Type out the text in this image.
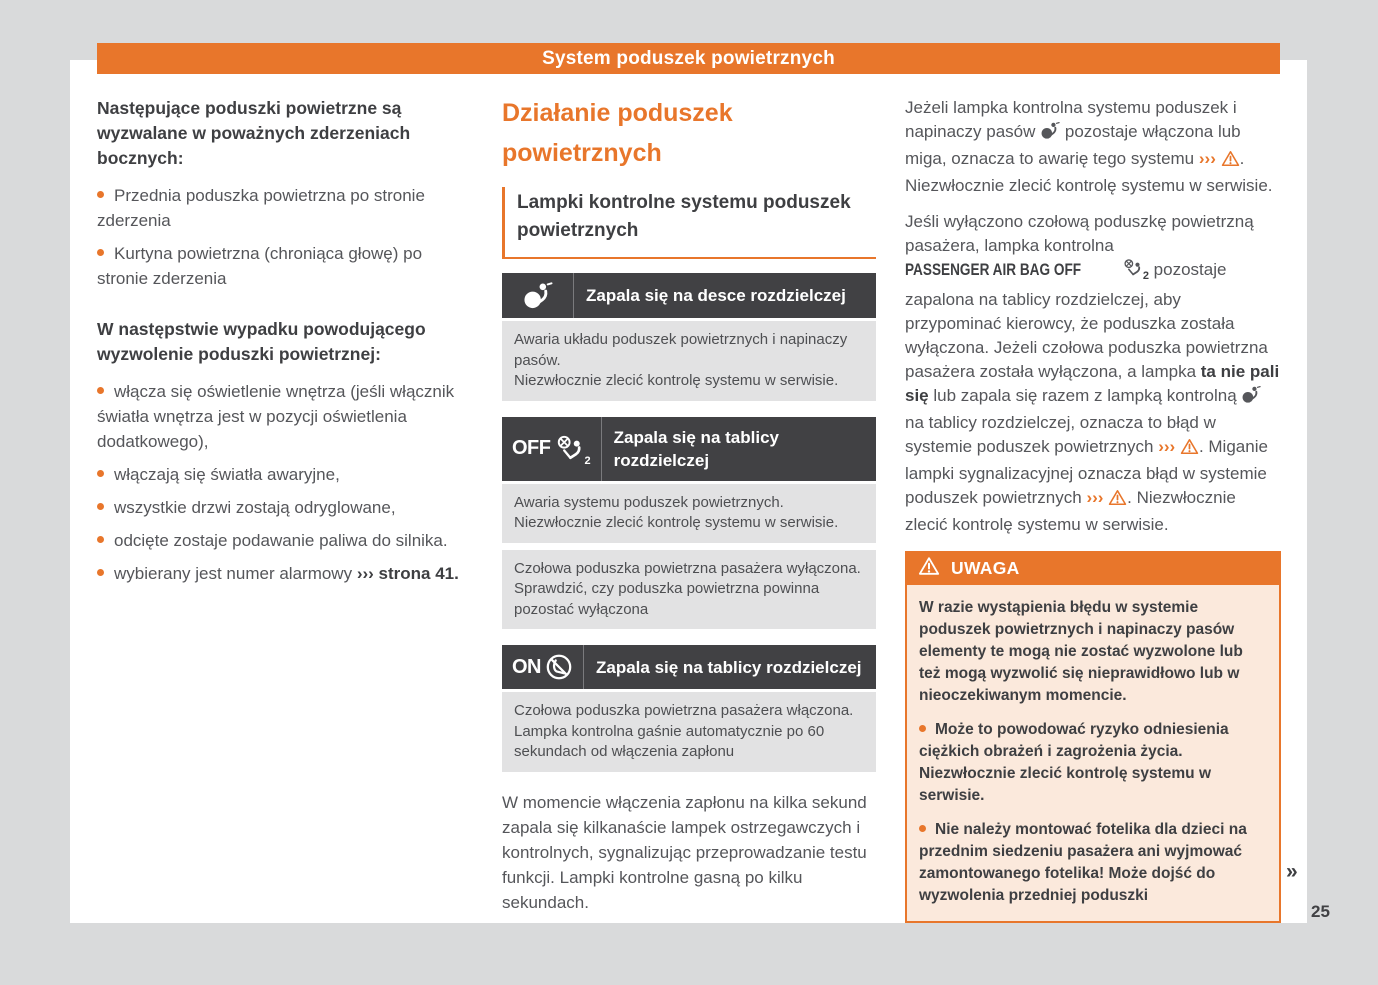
System poduszek powietrznych
Następujące poduszki powietrzne są wyzwalane w poważnych zderzeniach bocznych:
Przednia poduszka powietrzna po stronie zderzenia
Kurtyna powietrzna (chroniąca głowę) po stronie zderzenia
W następstwie wypadku powodującego wyzwolenie poduszki powietrznej:
włącza się oświetlenie wnętrza (jeśli włącznik światła wnętrza jest w pozycji oświetlenia dodatkowego),
włączają się światła awaryjne,
wszystkie drzwi zostają odryglowane,
odcięte zostaje podawanie paliwa do silnika.
wybierany jest numer alarmowy ››› strona 41.
Działanie poduszek powietrznych
Lampki kontrolne systemu poduszek powietrznych
Zapala się na desce rozdzielczej
Awaria układu poduszek powietrznych i napinaczy pasów.
Niezwłocznie zlecić kontrolę systemu w serwisie.
OFF
2
Zapala się na tablicy rozdzielczej
Awaria systemu poduszek powietrznych.
Niezwłocznie zlecić kontrolę systemu w serwisie.
Czołowa poduszka powietrzna pasażera wyłączona. Sprawdzić, czy poduszka powietrzna powinna pozostać wyłączona
ON	Zapala się na tablicy rozdzielczej
Czołowa poduszka powietrzna pasażera włączona. Lampka kontrolna gaśnie automatycznie po 60 sekundach od włączenia zapłonu
W momencie włączenia zapłonu na kilka sekund zapala się kilkanaście lampek ostrzegawczych i kontrolnych, sygnalizując przeprowadzanie testu funkcji. Lampki kontrolne gasną po kilku sekundach.
Jeżeli lampka kontrolna systemu poduszek i napinaczy pasów  pozostaje włączona lub miga, oznacza to awarię tego systemu ››› . Niezwłocznie zlecić kontrolę systemu w serwisie.
Jeśli wyłączono czołową poduszkę powietrzną pasażera, lampka kontrolna PASSENGER AIR BAG OFF	$_2$ pozostaje zapalona na tablicy rozdzielczej, aby przypominać kierowcy, że poduszka została wyłączona. Jeżeli czołowa poduszka powietrzna pasażera została wyłączona, a lampka ta nie pali się lub zapala się razem z lampką kontrolną  na tablicy rozdzielczej, oznacza to błąd w systemie poduszek powietrznych ››› . Miganie lampki sygnalizacyjnej oznacza błąd w systemie poduszek powietrznych ››› . Niezwłocznie zlecić kontrolę systemu w serwisie.
UWAGA
W razie wystąpienia błędu w systemie poduszek powietrznych i napinaczy pasów elementy te mogą nie zostać wyzwolone lub też mogą wyzwolić się nieprawidłowo lub w nieoczekiwanym momencie.
Może to powodować ryzyko odniesienia ciężkich obrażeń i zagrożenia życia. Niezwłocznie zlecić kontrolę systemu w serwisie.
Nie należy montować fotelika dla dzieci na przednim siedzeniu pasażera ani wyjmować zamontowanego fotelika! Może dojść do wyzwolenia przedniej poduszki
»
25
